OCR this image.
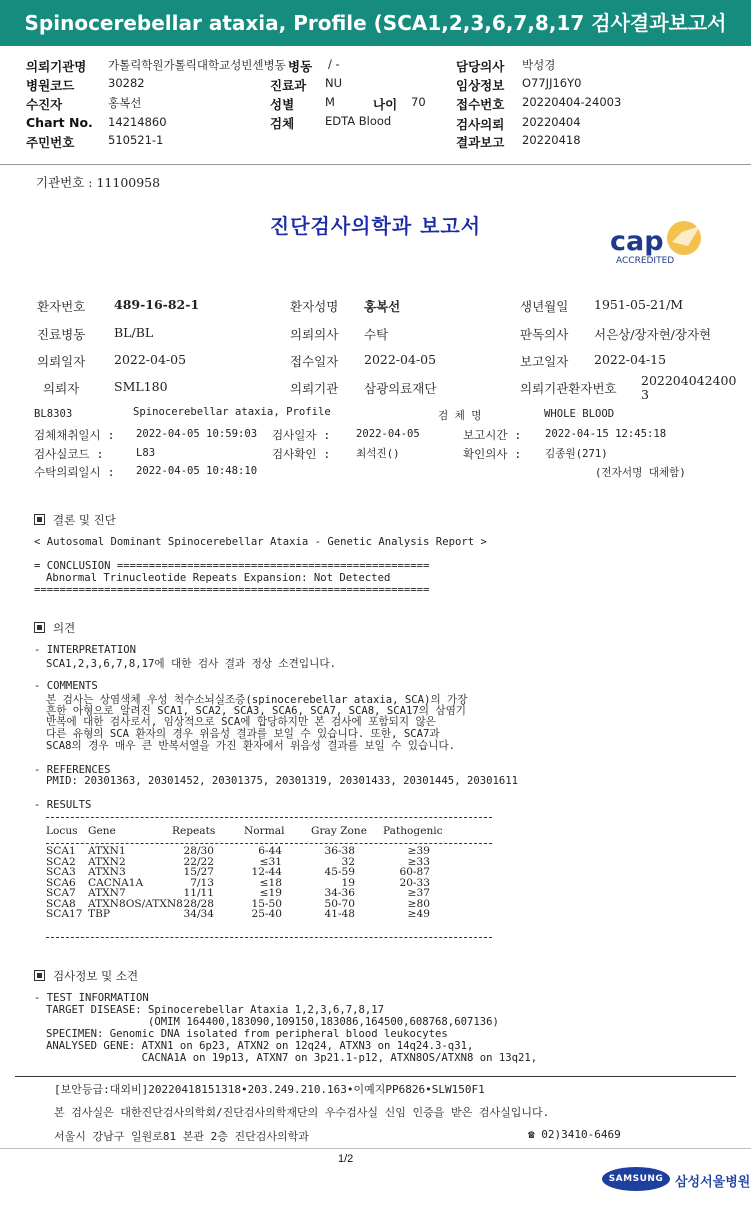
Spinocerebellar ataxia, Profile (SCA1,2,3,6,7,8,17 검사결과보고서
의뢰기관명 가톨릭학원가톨릭대학교성빈센병동 병동 / -	담당의사 박성경
병원코드	30282	진료과 NU	임상정보 O77JJ16Y0
수진자	홍복선	성별	M	나이 70 접수번호 20220404-24003
Chart No. 14214860	검체	EDTA Blood	검사의뢰 20220404
주민번호	510521-1	결과보고 20220418
기관번호 : 11100958
진단검사의학과 보고서	cap
ACCREDITED
환자번호 489-16-82-1	환자성명 홍복선	생년월일 1951-05-21/M
진료병동 BL/BL	의뢰의사 수탁	판독의사 서은상/장자현/장자현
의뢰일자 2022-04-05	접수일자 2022-04-05	보고일자 2022-04-15
의뢰자	SML180	의뢰기관 삼광의료재단	의뢰기관환자번호
202204042400
3
BL8303	Spinocerebellar ataxia, Profile	검 체 명	WHOLE BLOOD
검체채취일시 : 2022-04-05 10:59:03 검사일자 : 2022-04-05	보고시간 : 2022-04-15 12:45:18
검사실코드 :	L83	검사확인 : 최석진()	확인의사 : 김종원(271)
수탁의뢰일시 : 2022-04-05 10:48:10	(전자서명 대체함)
결론 및 진단
< Autosomal Dominant Spinocerebellar Ataxia - Genetic Analysis Report >
= CONCLUSION =================================================
Abnormal Trinucleotide Repeats Expansion: Not Detected
==============================================================
의견
- INTERPRETATION
SCA1,2,3,6,7,8,17에 대한 검사 결과 정상 소견입니다.
- COMMENTS
본 검사는 상염색체 우성 척수소뇌실조증(spinocerebellar ataxia, SCA)의 가장
흔한 아형으로 알려진 SCA1, SCA2, SCA3, SCA6, SCA7, SCA8, SCA17의 삼염기
반복에 대한 검사로서, 임상적으로 SCA에 합당하지만 본 검사에 포함되지 않은
다른 유형의 SCA 환자의 경우 위음성 결과를 보일 수 있습니다. 또한, SCA7과
SCA8의 경우 매우 큰 반복서열을 가진 환자에서 위음성 결과를 보일 수 있습니다.
- REFERENCES
PMID: 20301363, 20301452, 20301375, 20301319, 20301433, 20301445, 20301611
- RESULTS
Locus Gene	Repeats	Normal	Gray Zone Pathogenic
SCA1 ATXN1	28/30	6-44	36-38	≥39
SCA2 ATXN2	22/22	≤31	32	≥33
SCA3 ATXN3	15/27	12-44	45-59	60-87
SCA6 CACNA1A	7/13	≤18	19	20-33
SCA7 ATXN7	11/11	≤19	34-36	≥37
SCA8 ATXN8OS/ATXN8 28/28	15-50	50-70	≥80
SCA17 TBP	34/34	25-40	41-48	≥49
검사정보 및 소견
- TEST INFORMATION
TARGET DISEASE: Spinocerebellar Ataxia 1,2,3,6,7,8,17
(OMIM 164400,183090,109150,183086,164500,608768,607136)
SPECIMEN: Genomic DNA isolated from peripheral blood leukocytes
ANALYSED GENE: ATXN1 on 6p23, ATXN2 on 12q24, ATXN3 on 14q24.3-q31,
CACNA1A on 19p13, ATXN7 on 3p21.1-p12, ATXN8OS/ATXN8 on 13q21,
[보안등급:대외비]20220418151318•203.249.210.163•이예지PP6826•SLW150F1
본 검사실은 대한진단검사의학회/진단검사의학재단의 우수검사실 신임 인증을 받은 검사실입니다.
서울시 강남구 일원로81 본관 2층 진단검사의학과	☎ 02)3410-6469
1/2
SAMSUNG 삼성서울병원
